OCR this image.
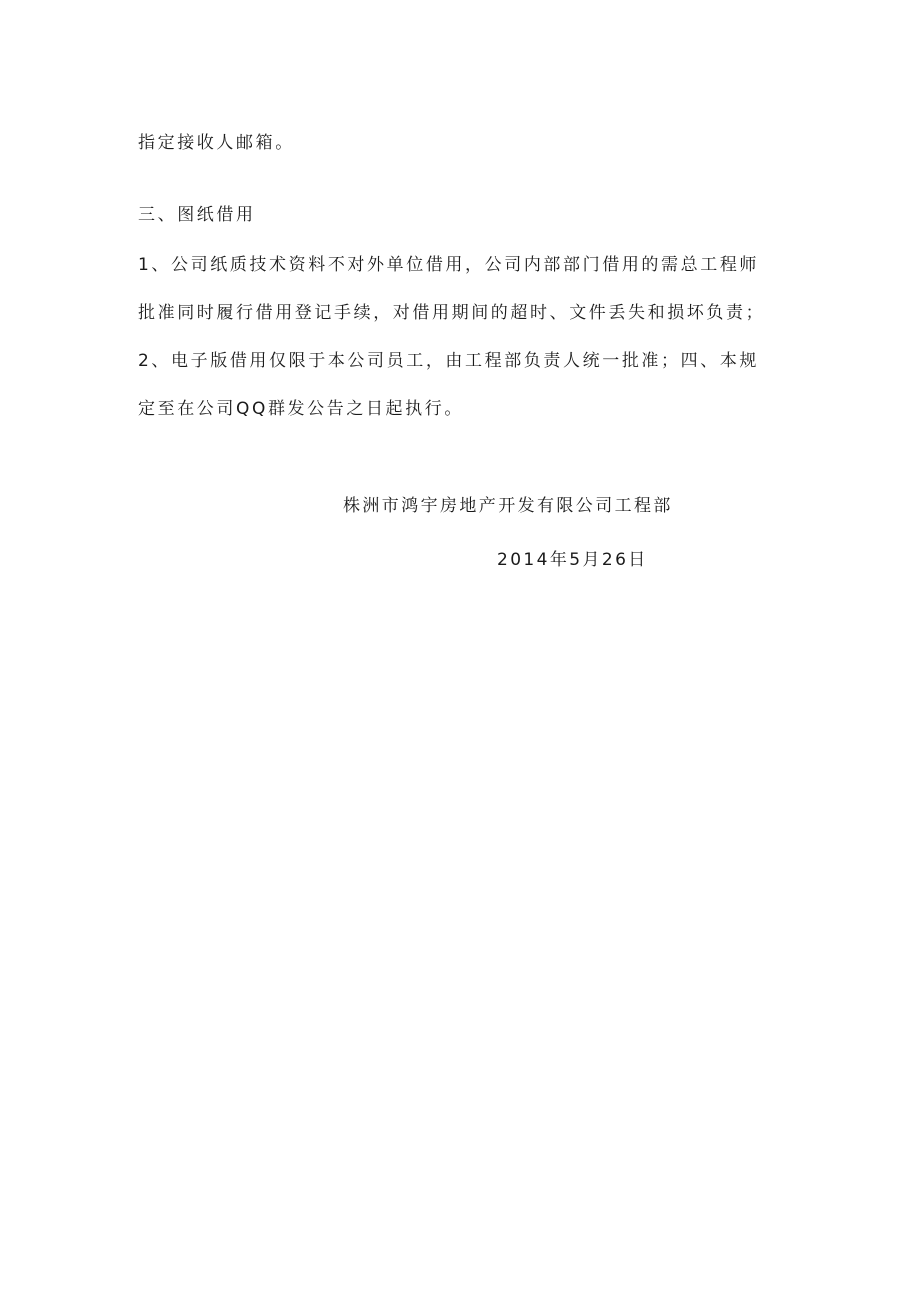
指定接收人邮箱。
三、图纸借用
1、公司纸质技术资料不对外单位借用，公司内部部门借用的需总工程师
批准同时履行借用登记手续，对借用期间的超时、文件丢失和损坏负责；
2、电子版借用仅限于本公司员工，由工程部负责人统一批准；四、本规
定至在公司QQ群发公告之日起执行。
株洲市鸿宇房地产开发有限公司工程部
2014年5月26日
